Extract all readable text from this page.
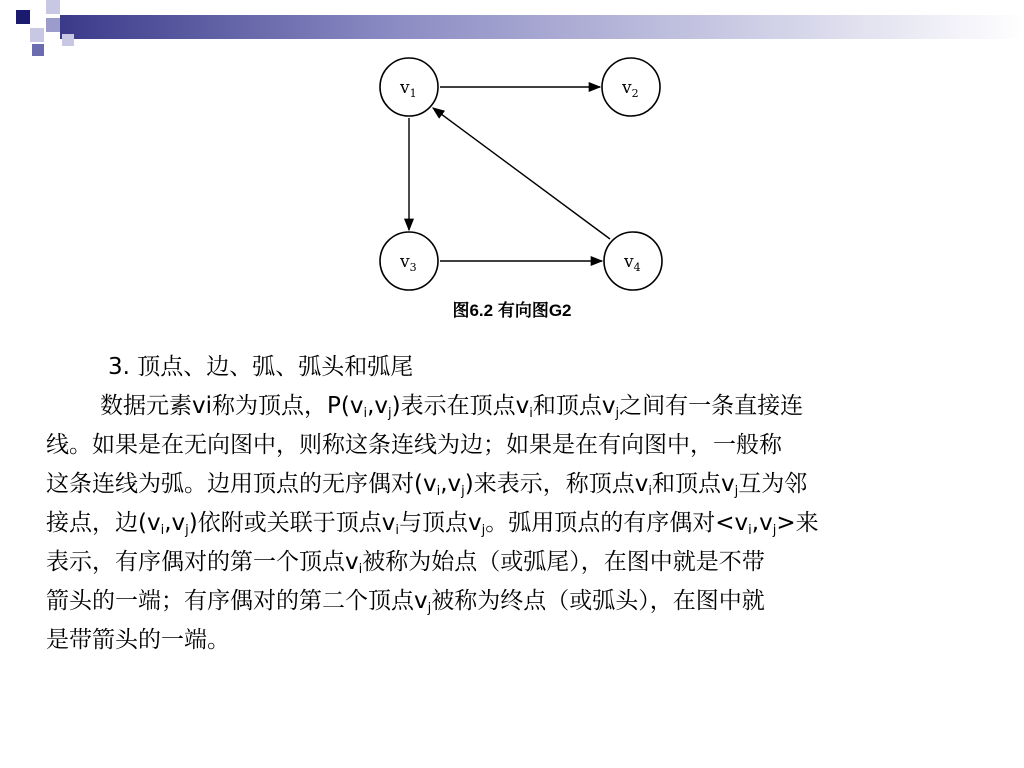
$v_1$	$v_2$
$v_3$	$v_4$
图6.2 有向图G2
3. 顶点、边、弧、弧头和弧尾
数据元素vi称为顶点，$P(v_i,v_j)$表示在顶点$v_i$和顶点$v_j$之间有一条直接连
线。如果是在无向图中，则称这条连线为边；如果是在有向图中，一般称
这条连线为弧。边用顶点的无序偶对$(v_i,v_j)$来表示，称顶点$v_i$和顶点$v_j$互为邻
接点，边$(v_i,v_j)$依附或关联于顶点$v_i$与顶点$v_j$。弧用顶点的有序偶对$<v_i,v_j>$来
表示，有序偶对的第一个顶点$v_i$被称为始点（或弧尾），在图中就是不带
箭头的一端；有序偶对的第二个顶点$v_j$被称为终点（或弧头），在图中就
是带箭头的一端。
